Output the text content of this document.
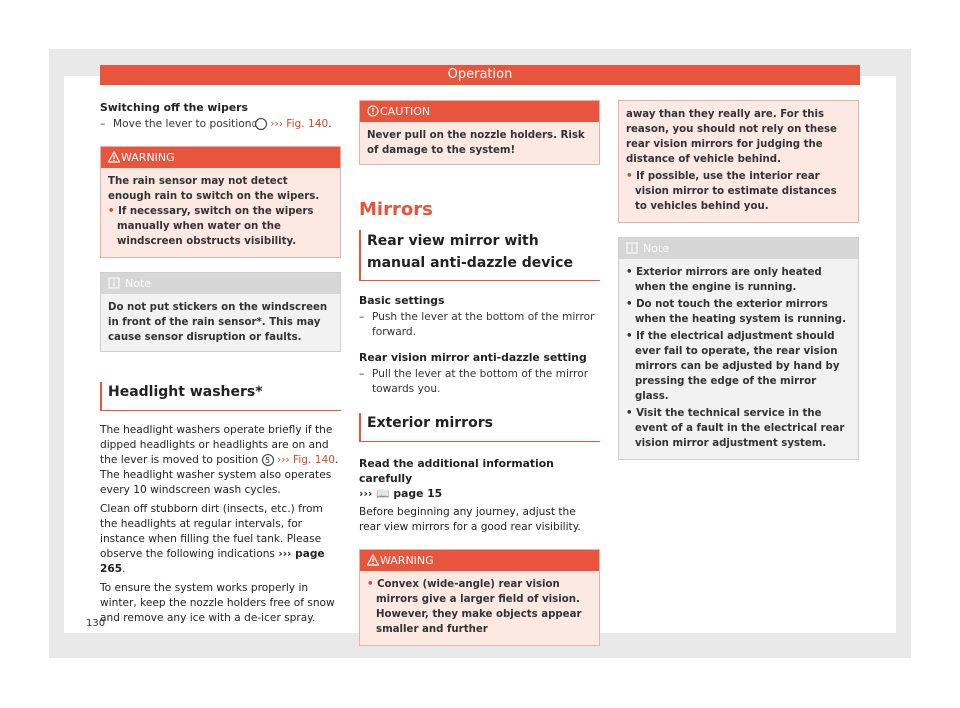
Operation
Switching off the wipers

– Move the lever to position 0 ››› Fig. 140.

WARNING
The rain sensor may not detect enough rain to switch on the wipers.
• If necessary, switch on the wipers manually when water on the windscreen obstructs visibility.
Note
Do not put stickers on the windscreen in front of the rain sensor*. This may cause sensor disruption or faults.
Headlight washers*

The headlight washers operate briefly if the dipped headlights or headlights are on and the lever is moved to position 5 ››› Fig. 140. The headlight washer system also operates every 10 windscreen wash cycles.

Clean off stubborn dirt (insects, etc.) from the headlights at regular intervals, for instance when filling the fuel tank. Please observe the following indications ››› page 265.

To ensure the system works properly in winter, keep the nozzle holders free of snow and remove any ice with a de-icer spray.

CAUTION
Never pull on the nozzle holders. Risk of damage to the system!
Mirrors
Rear view mirror with manual anti-dazzle device
Basic settings

– Push the lever at the bottom of the mirror forward.

Rear vision mirror anti-dazzle setting

– Pull the lever at the bottom of the mirror towards you.

Exterior mirrors
Read the additional information carefully
››› 📖 page 15

Before beginning any journey, adjust the rear view mirrors for a good rear visibility.

WARNING
• Convex (wide-angle) rear vision mirrors give a larger field of vision. However, they make objects appear smaller and further
away than they really are. For this reason, you should not rely on these rear vision mirrors for judging the distance of vehicle behind.
• If possible, use the interior rear vision mirror to estimate distances to vehicles behind you.
Note
• Exterior mirrors are only heated when the engine is running.
• Do not touch the exterior mirrors when the heating system is running.
• If the electrical adjustment should ever fail to operate, the rear vision mirrors can be adjusted by hand by pressing the edge of the mirror glass.
• Visit the technical service in the event of a fault in the electrical rear vision mirror adjustment system.
130
